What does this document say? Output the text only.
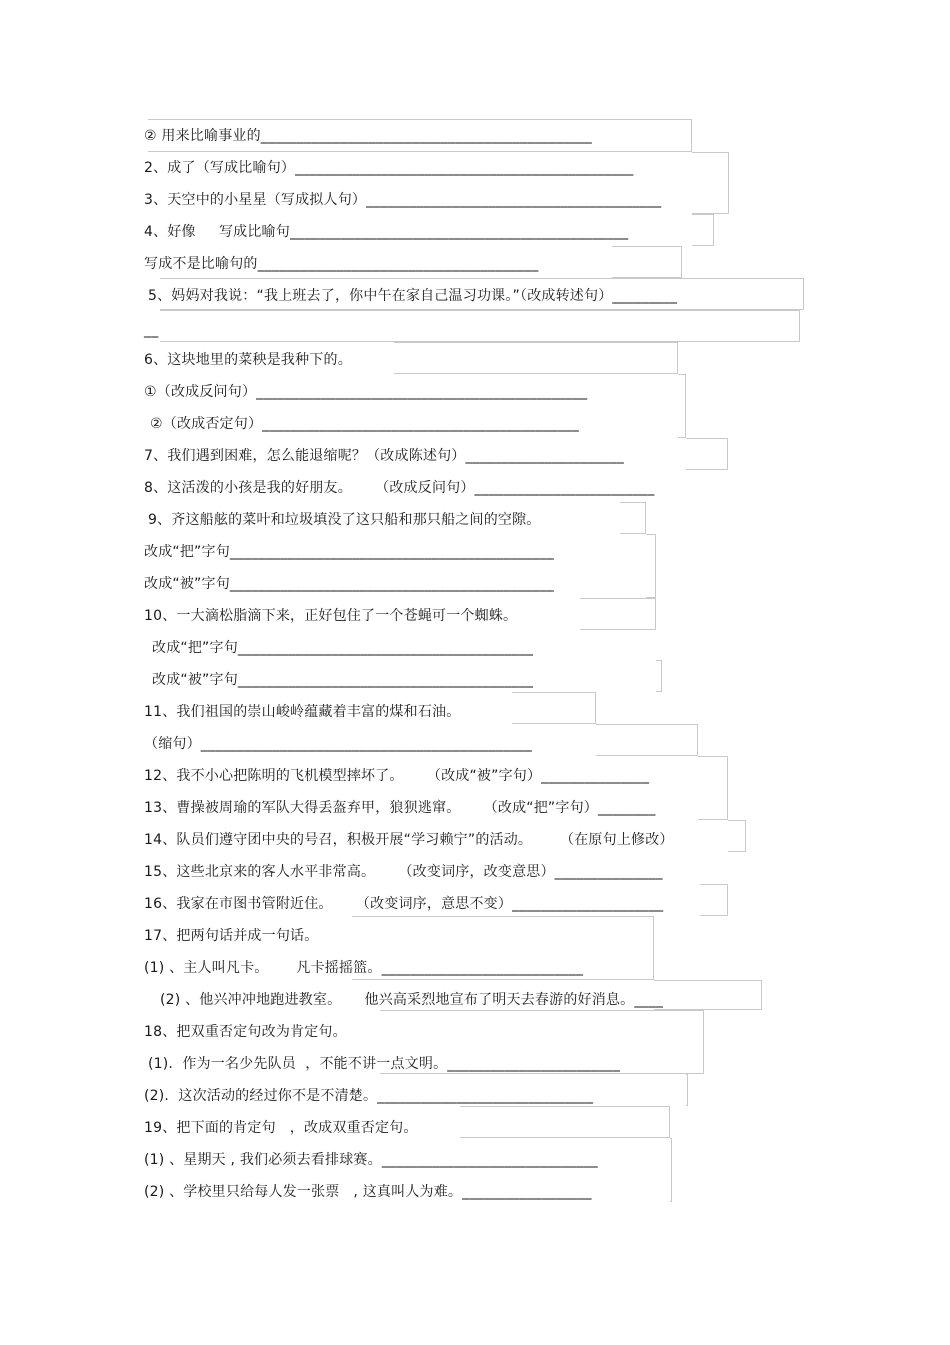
② 用来比喻事业的______________________________________________
2、成了（写成比喻句）_______________________________________________
3、天空中的小星星（写成拟人句）_________________________________________
4、好像     写成比喻句_______________________________________________
写成不是比喻句的_______________________________________
5、妈妈对我说：“我上班去了，你中午在家自己温习功课。”（改成转述句）_________
__
6、这块地里的菜秧是我种下的。
①（改成反问句）______________________________________________
②（改成否定句）____________________________________________
7、我们遇到困难，怎么能退缩呢？（改成陈述句）______________________
8、这活泼的小孩是我的好朋友。     （改成反问句）_________________________
9、齐这船舷的菜叶和垃圾填没了这只船和那只船之间的空隙。
改成“把”字句_____________________________________________
改成“被”字句_____________________________________________
10、一大滴松脂滴下来，正好包住了一个苍蝇可一个蜘蛛。
改成“把”字句_________________________________________
改成“被”字句_________________________________________
11、我们祖国的崇山峻岭蕴藏着丰富的煤和石油。
（缩句）______________________________________________
12、我不小心把陈明的飞机模型摔坏了。     （改成“被”字句）_______________
13、曹操被周瑜的军队大得丢盔弃甲，狼狈逃窜。     （改成“把”字句）________
14、队员们遵守团中央的号召，积极开展“学习赖宁”的活动。      （在原句上修改）
15、这些北京来的客人水平非常高。     （改变词序，改变意思）_______________
16、我家在市图书管附近住。     （改变词序，意思不变）_____________________
17、把两句话并成一句话。
(1) 、主人叫凡卡。      凡卡摇摇篮。____________________________
(2) 、他兴冲冲地跑进教室。     他兴高采烈地宣布了明天去春游的好消息。____
18、把双重否定句改为肯定句。
(1).  作为一名少先队员  ，不能不讲一点文明。________________________
(2).  这次活动的经过你不是不清楚。______________________________
19、把下面的肯定句   ，改成双重否定句。
(1) 、星期天 , 我们必须去看排球赛。______________________________
(2) 、学校里只给每人发一张票   , 这真叫人为难。__________________
